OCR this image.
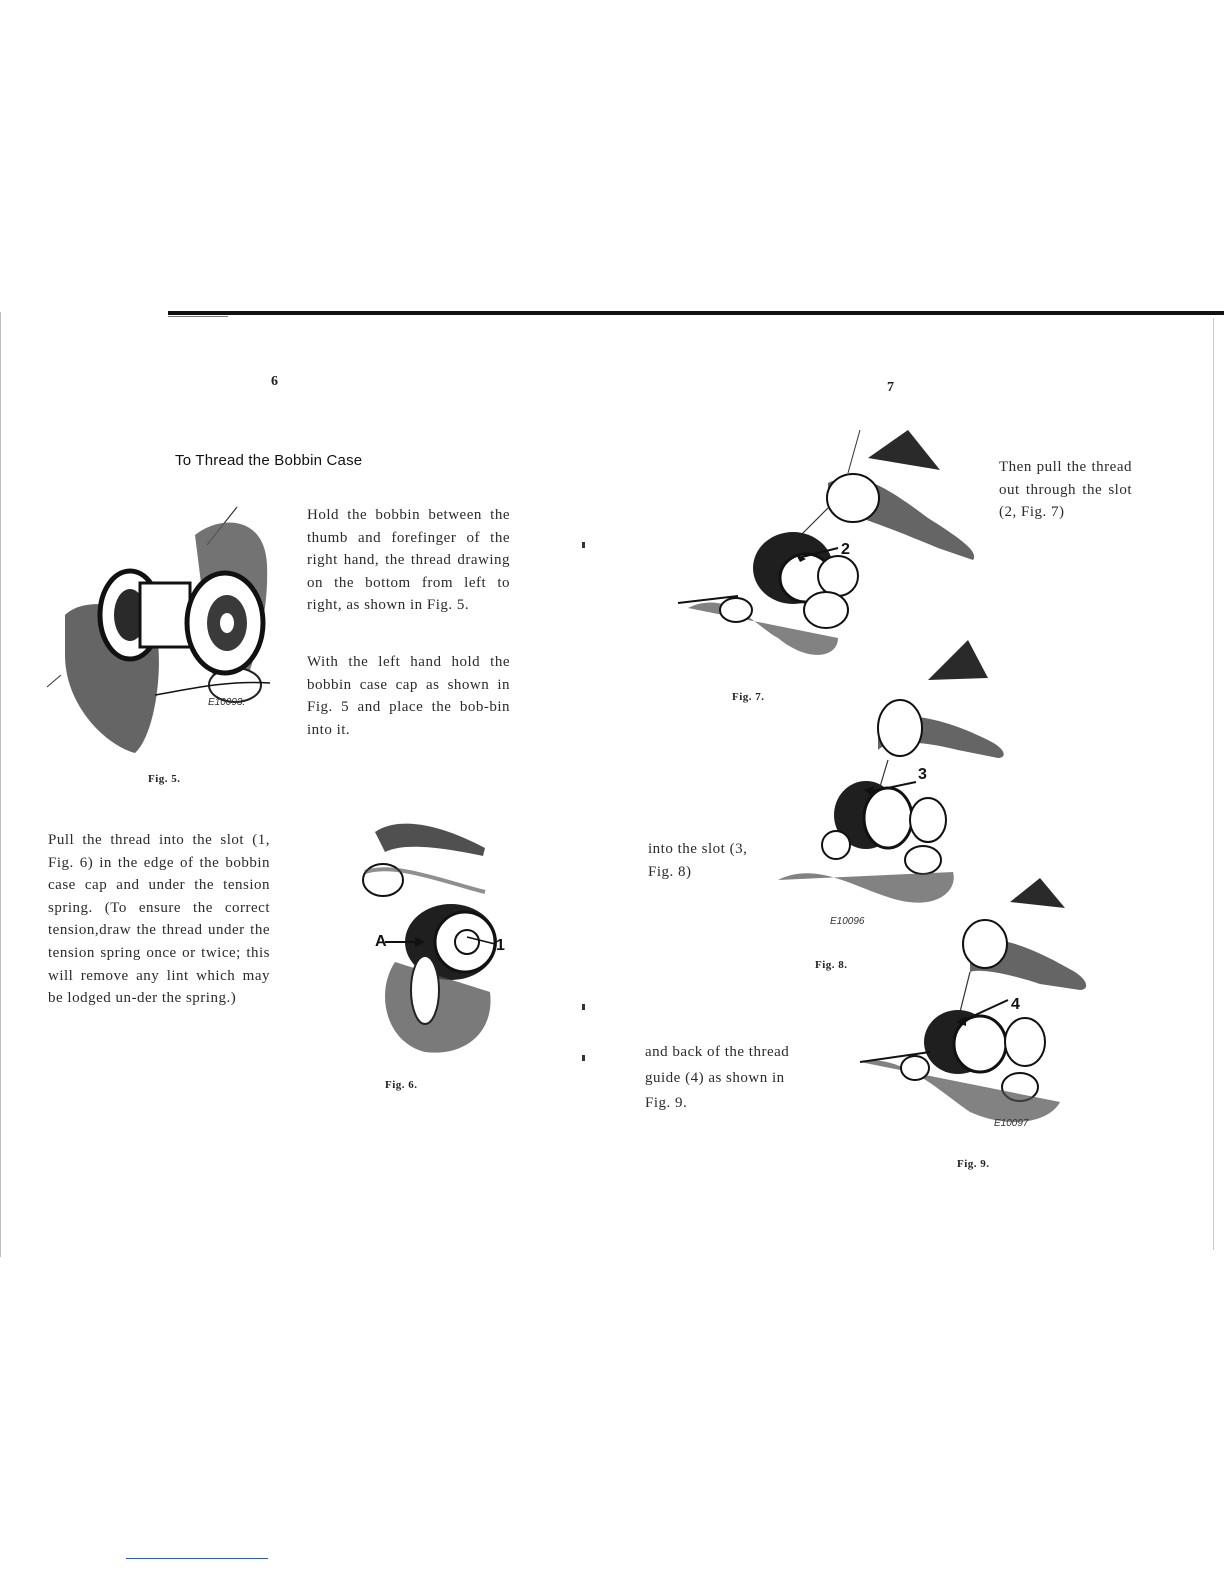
6
To Thread the Bobbin Case

Hold the bobbin between the thumb and forefinger of the right hand, the thread drawing on the bottom from left to right, as shown in Fig. 5.

With the left hand hold the bobbin case cap as shown in Fig. 5 and place the bob-bin into it.

E10093.
Fig. 5.

Pull the thread into the slot (1, Fig. 6) in the edge of the bobbin case cap and under the tension spring. (To ensure the correct tension,draw the thread under the tension spring once or twice; this will remove any lint which may be lodged un-der the spring.)

A	1
Fig. 6.
7

Then pull the thread out through the slot (2, Fig. 7)

2
Fig. 7.
3
E10096

into the slot (3, Fig. 8)

Fig. 8.
4
E10097

and back of the thread guide (4) as shown in Fig. 9.

Fig. 9.
